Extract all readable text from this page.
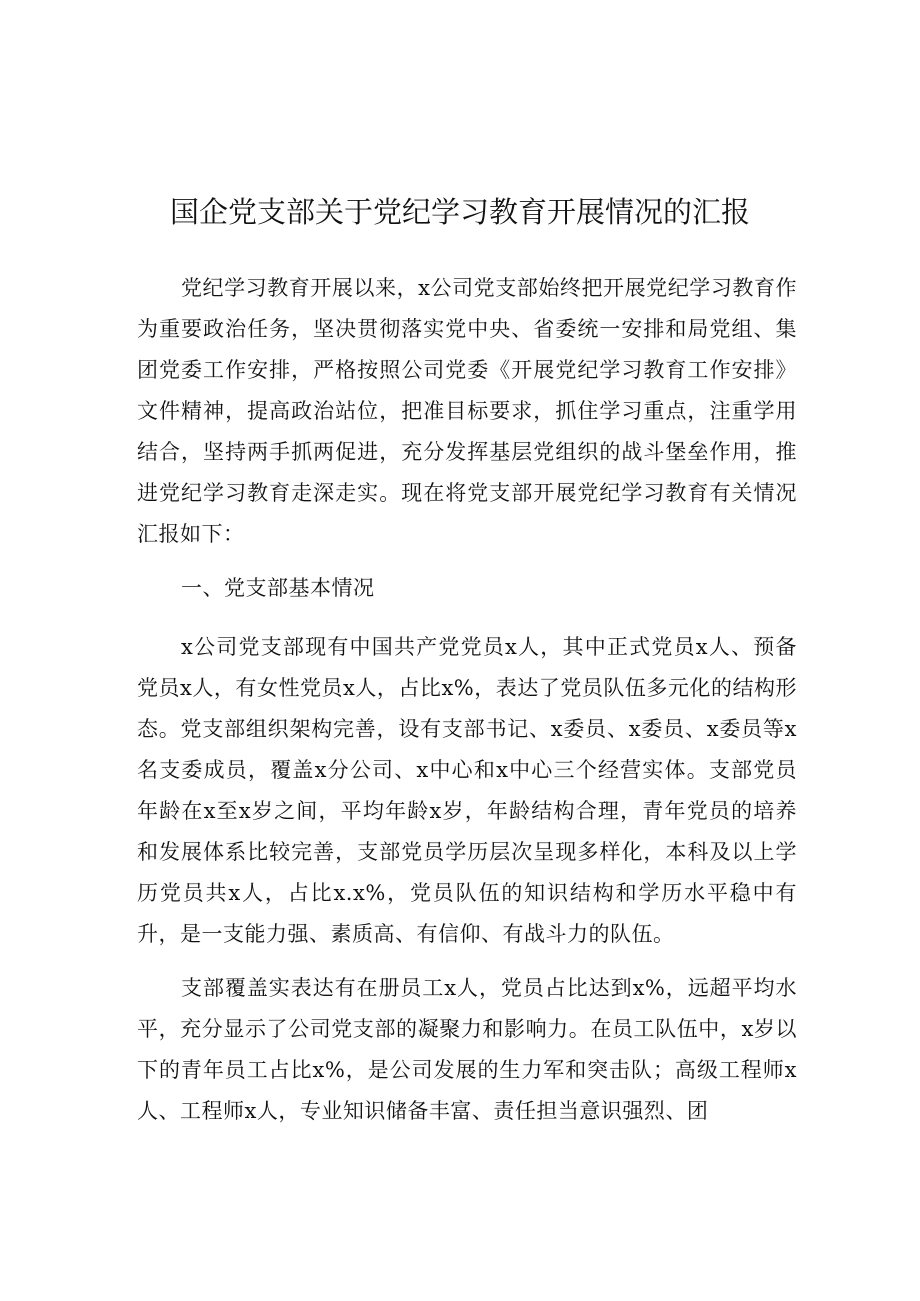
国企党支部关于党纪学习教育开展情况的汇报

党纪学习教育开展以来，x公司党支部始终把开展党纪学习教育作为重要政治任务，坚决贯彻落实党中央、省委统一安排和局党组、集团党委工作安排，严格按照公司党委《开展党纪学习教育工作安排》文件精神，提高政治站位，把准目标要求，抓住学习重点，注重学用结合，坚持两手抓两促进，充分发挥基层党组织的战斗堡垒作用，推进党纪学习教育走深走实。现在将党支部开展党纪学习教育有关情况汇报如下：

一、党支部基本情况

x公司党支部现有中国共产党党员x人，其中正式党员x人、预备党员x人，有女性党员x人，占比x%，表达了党员队伍多元化的结构形态。党支部组织架构完善，设有支部书记、x委员、x委员、x委员等x名支委成员，覆盖x分公司、x中心和x中心三个经营实体。支部党员年龄在x至x岁之间，平均年龄x岁，年龄结构合理，青年党员的培养和发展体系比较完善，支部党员学历层次呈现多样化，本科及以上学历党员共x人，占比x.x%，党员队伍的知识结构和学历水平稳中有升，是一支能力强、素质高、有信仰、有战斗力的队伍。

支部覆盖实表达有在册员工x人，党员占比达到x%，远超平均水平，充分显示了公司党支部的凝聚力和影响力。在员工队伍中，x岁以下的青年员工占比x%，是公司发展的生力军和突击队；高级工程师x人、工程师x人，专业知识储备丰富、责任担当意识强烈、团
